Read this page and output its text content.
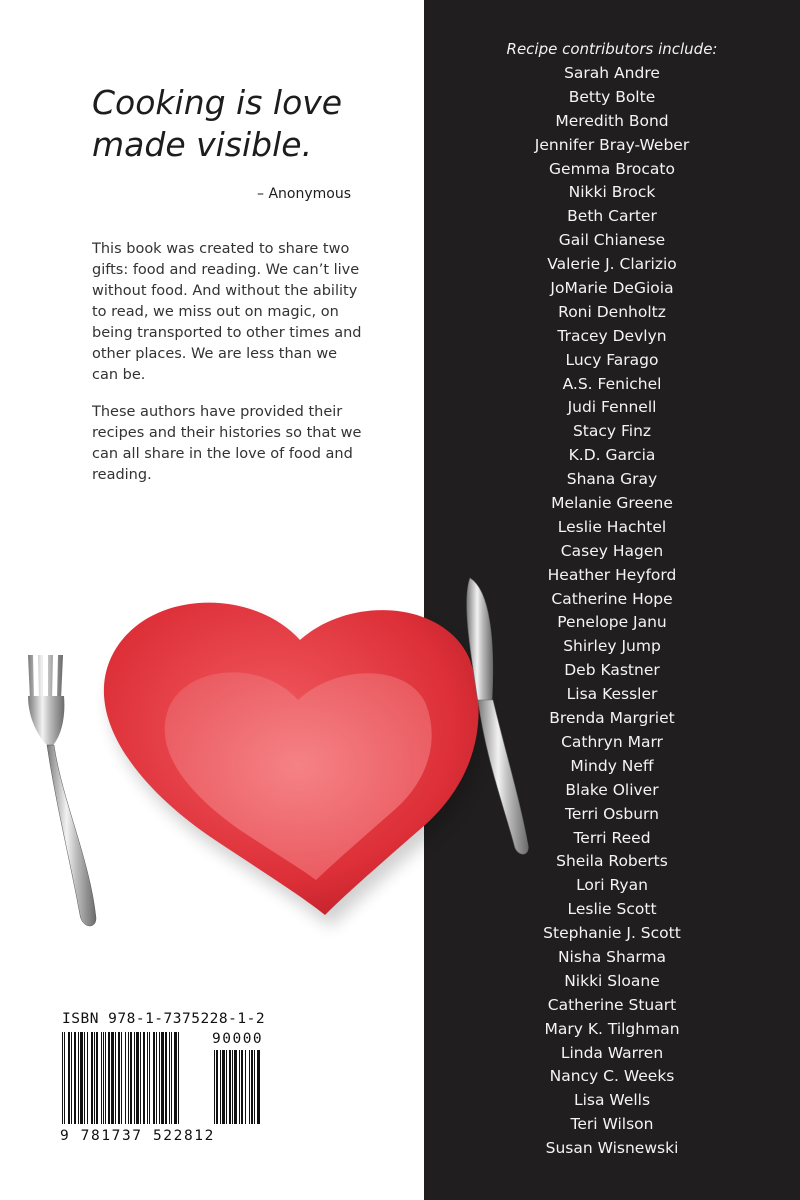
Cooking is love
made visible.
– Anonymous

This book was created to share two gifts: food and reading. We can’t live without food. And without the ability to read, we miss out on magic, on being transported to other times and other places. We are less than we can be.

These authors have provided their recipes and their histories so that we can all share in the love of food and reading.

Recipe contributors include:
Sarah Andre
Betty Bolte
Meredith Bond
Jennifer Bray-Weber
Gemma Brocato
Nikki Brock
Beth Carter
Gail Chianese
Valerie J. Clarizio
JoMarie DeGioia
Roni Denholtz
Tracey Devlyn
Lucy Farago
A.S. Fenichel
Judi Fennell
Stacy Finz
K.D. Garcia
Shana Gray
Melanie Greene
Leslie Hachtel
Casey Hagen
Heather Heyford
Catherine Hope
Penelope Janu
Shirley Jump
Deb Kastner
Lisa Kessler
Brenda Margriet
Cathryn Marr
Mindy Neff
Blake Oliver
Terri Osburn
Terri Reed
Sheila Roberts
Lori Ryan
Leslie Scott
Stephanie J. Scott
Nisha Sharma
Nikki Sloane
Catherine Stuart
Mary K. Tilghman
Linda Warren
Nancy C. Weeks
Lisa Wells
Teri Wilson
Susan Wisnewski
ISBN 978-1-7375228-1-2
90000
9 781737 522812
